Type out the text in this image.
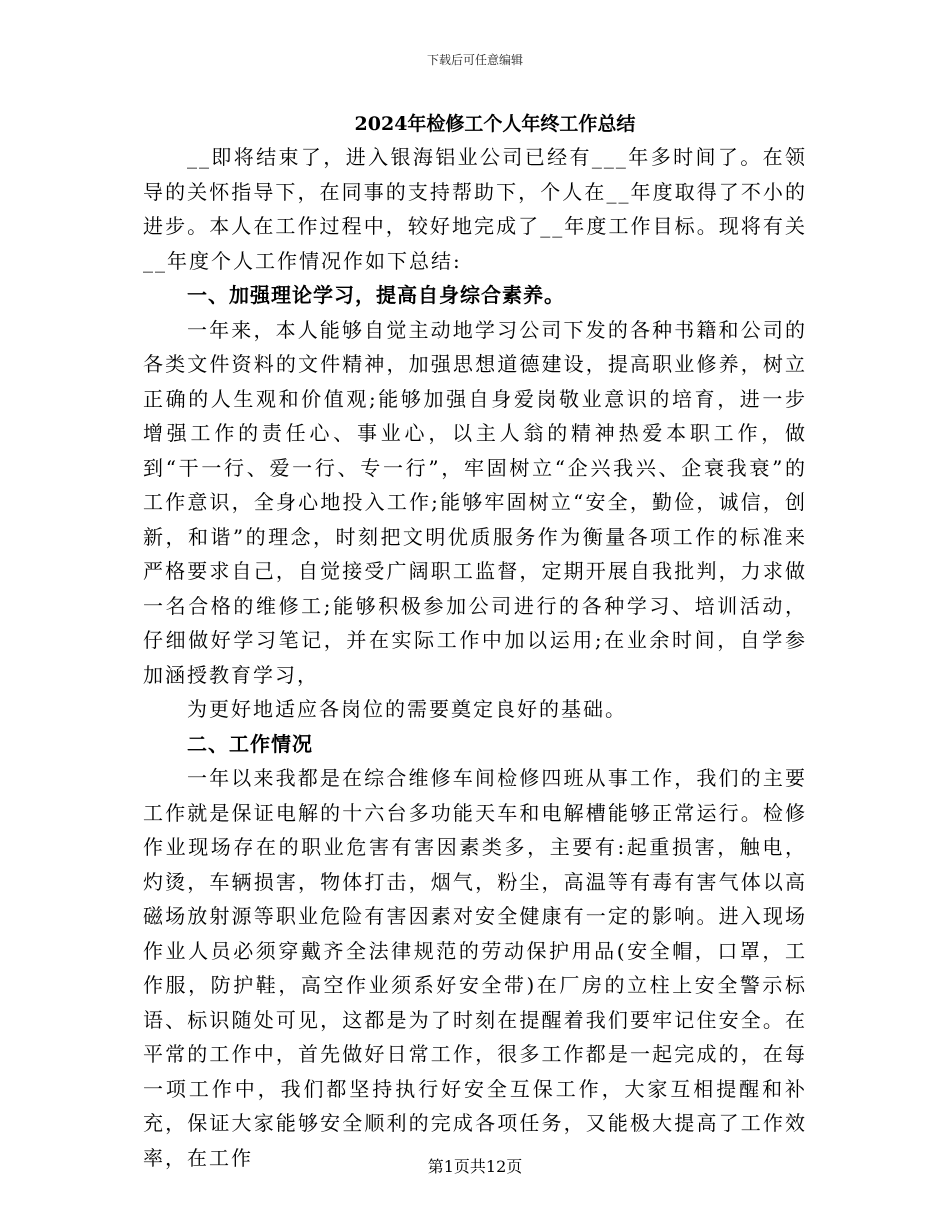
下载后可任意编辑
2024年检修工个人年终工作总结

__即将结束了，进入银海铝业公司已经有___年多时间了。在领导的关怀指导下，在同事的支持帮助下，个人在__年度取得了不小的进步。本人在工作过程中，较好地完成了__年度工作目标。现将有关__年度个人工作情况作如下总结:

一、加强理论学习，提高自身综合素养。

一年来，本人能够自觉主动地学习公司下发的各种书籍和公司的各类文件资料的文件精神，加强思想道德建设，提高职业修养，树立正确的人生观和价值观;能够加强自身爱岗敬业意识的培育，进一步增强工作的责任心、事业心，以主人翁的精神热爱本职工作，做到“干一行、爱一行、专一行”，牢固树立“企兴我兴、企衰我衰”的工作意识，全身心地投入工作;能够牢固树立“安全，勤俭，诚信，创新，和谐”的理念，时刻把文明优质服务作为衡量各项工作的标准来严格要求自己，自觉接受广阔职工监督，定期开展自我批判，力求做一名合格的维修工;能够积极参加公司进行的各种学习、培训活动，仔细做好学习笔记，并在实际工作中加以运用;在业余时间，自学参加涵授教育学习，

为更好地适应各岗位的需要奠定良好的基础。

二、工作情况

一年以来我都是在综合维修车间检修四班从事工作，我们的主要工作就是保证电解的十六台多功能天车和电解槽能够正常运行。检修作业现场存在的职业危害有害因素类多，主要有:起重损害，触电，灼烫，车辆损害，物体打击，烟气，粉尘，高温等有毒有害气体以高磁场放射源等职业危险有害因素对安全健康有一定的影响。进入现场作业人员必须穿戴齐全法律规范的劳动保护用品(安全帽，口罩，工作服，防护鞋，高空作业须系好安全带)在厂房的立柱上安全警示标语、标识随处可见，这都是为了时刻在提醒着我们要牢记住安全。在平常的工作中，首先做好日常工作，很多工作都是一起完成的，在每一项工作中，我们都坚持执行好安全互保工作，大家互相提醒和补充，保证大家能够安全顺利的完成各项任务，又能极大提高了工作效率，在工作	第1页共12页
